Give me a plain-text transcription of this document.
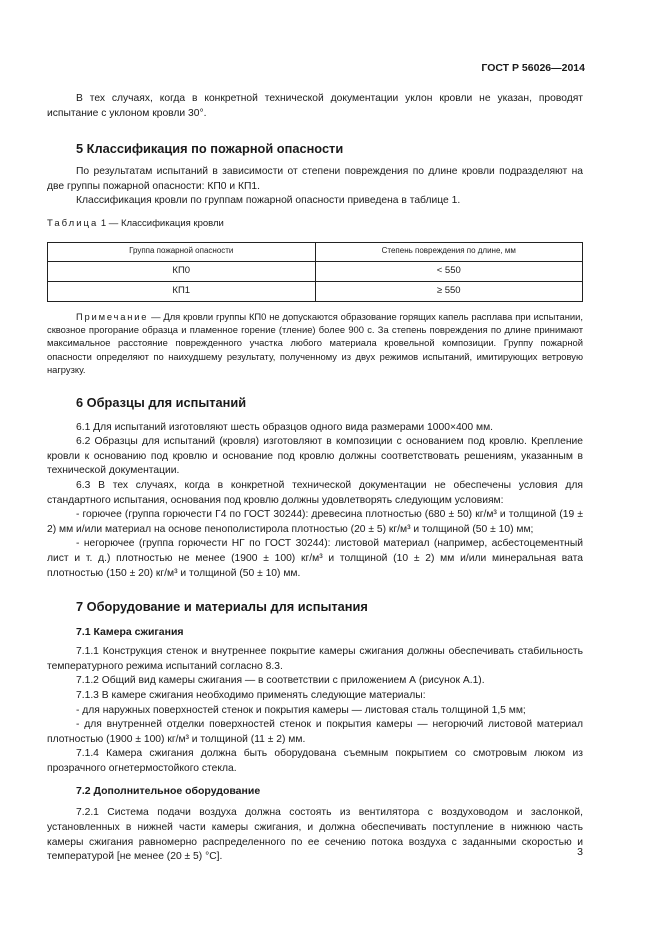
ГОСТ Р 56026—2014

В тех случаях, когда в конкретной технической документации уклон кровли не указан, проводят испытание с уклоном кровли 30°.

5 Классификация по пожарной опасности

По результатам испытаний в зависимости от степени повреждения по длине кровли подразделяют на две группы пожарной опасности: КП0 и КП1.

Классификация кровли по группам пожарной опасности приведена в таблице 1.

Таблица 1 — Классификация кровли

Группа пожарной опасности	Степень повреждения по длине, мм
КП0	< 550
КП1	≥ 550

Примечание — Для кровли группы КП0 не допускаются образование горящих капель расплава при испытании, сквозное прогорание образца и пламенное горение (тление) более 900 с. За степень повреждения по длине принимают максимальное расстояние поврежденного участка любого материала кровельной композиции. Группу пожарной опасности определяют по наихудшему результату, полученному из двух режимов испытаний, имитирующих ветровую нагрузку.

6 Образцы для испытаний

6.1 Для испытаний изготовляют шесть образцов одного вида размерами 1000×400 мм.

6.2 Образцы для испытаний (кровля) изготовляют в композиции с основанием под кровлю. Крепление кровли к основанию под кровлю и основание под кровлю должны соответствовать решениям, указанным в технической документации.

6.3 В тех случаях, когда в конкретной технической документации не обеспечены условия для стандартного испытания, основания под кровлю должны удовлетворять следующим условиям:

- горючее (группа горючести Г4 по ГОСТ 30244): древесина плотностью (680 ± 50) кг/м³ и толщиной (19 ± 2) мм и/или материал на основе пенополистирола плотностью (20 ± 5) кг/м³ и толщиной (50 ± 10) мм;

- негорючее (группа горючести НГ по ГОСТ 30244): листовой материал (например, асбестоцементный лист и т. д.) плотностью не менее (1900 ± 100) кг/м³ и толщиной (10 ± 2) мм и/или минеральная вата плотностью (150 ± 20) кг/м³ и толщиной (50 ± 10) мм.

7 Оборудование и материалы для испытания
7.1 Камера сжигания

7.1.1 Конструкция стенок и внутреннее покрытие камеры сжигания должны обеспечивать стабильность температурного режима испытаний согласно 8.3.

7.1.2 Общий вид камеры сжигания — в соответствии с приложением А (рисунок А.1).

7.1.3 В камере сжигания необходимо применять следующие материалы:

- для наружных поверхностей стенок и покрытия камеры — листовая сталь толщиной 1,5 мм;

- для внутренней отделки поверхностей стенок и покрытия камеры — негорючий листовой материал плотностью (1900 ± 100) кг/м³ и толщиной (11 ± 2) мм.

7.1.4 Камера сжигания должна быть оборудована съемным покрытием со смотровым люком из прозрачного огнетермостойкого стекла.

7.2 Дополнительное оборудование

7.2.1 Система подачи воздуха должна состоять из вентилятора с воздуховодом и заслонкой, установленных в нижней части камеры сжигания, и должна обеспечивать поступление в нижнюю часть камеры сжигания равномерно распределенного по ее сечению потока воздуха с заданными скоростью и температурой [не менее (20 ± 5) °С].	3
